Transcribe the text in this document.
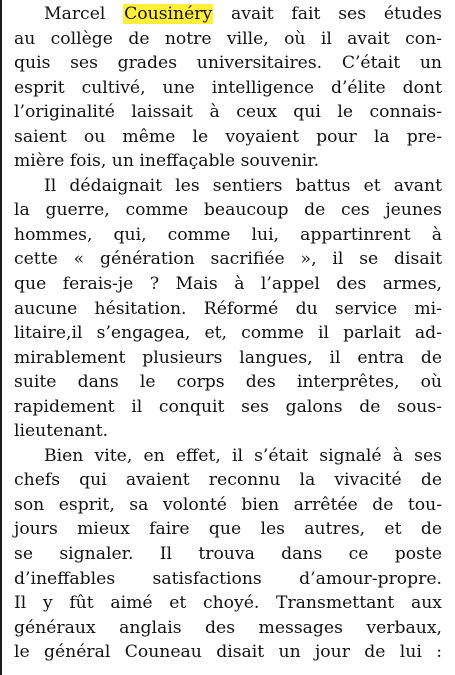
Marcel Cousinéry avait fait ses études
au collège de notre ville, où il avait con-
quis ses grades universitaires. C’était un
esprit cultivé, une intelligence d’élite dont
l’originalité laissait à ceux qui le connais-
saient ou même le voyaient pour la pre-
mière fois, un ineffaçable souvenir.
Il dédaignait les sentiers battus et avant
la guerre, comme beaucoup de ces jeunes
hommes, qui, comme lui, appartinrent à
cette « génération sacrifiée », il se disait
que ferais-je ? Mais à l’appel des armes,
aucune hésitation. Réformé du service mi-
litaire,il s’engagea, et, comme il parlait ad-
mirablement plusieurs langues, il entra de
suite dans le corps des interprêtes, où
rapidement il conquit ses galons de sous-
lieutenant.
Bien vite, en effet, il s’était signalé à ses
chefs qui avaient reconnu la vivacité de
son esprit, sa volonté bien arrêtée de tou-
jours mieux faire que les autres, et de
se signaler. Il trouva dans ce poste
d’ineffables satisfactions d’amour-propre.
Il y fût aimé et choyé. Transmettant aux
généraux anglais des messages verbaux,
le général Couneau disait un jour de lui :
